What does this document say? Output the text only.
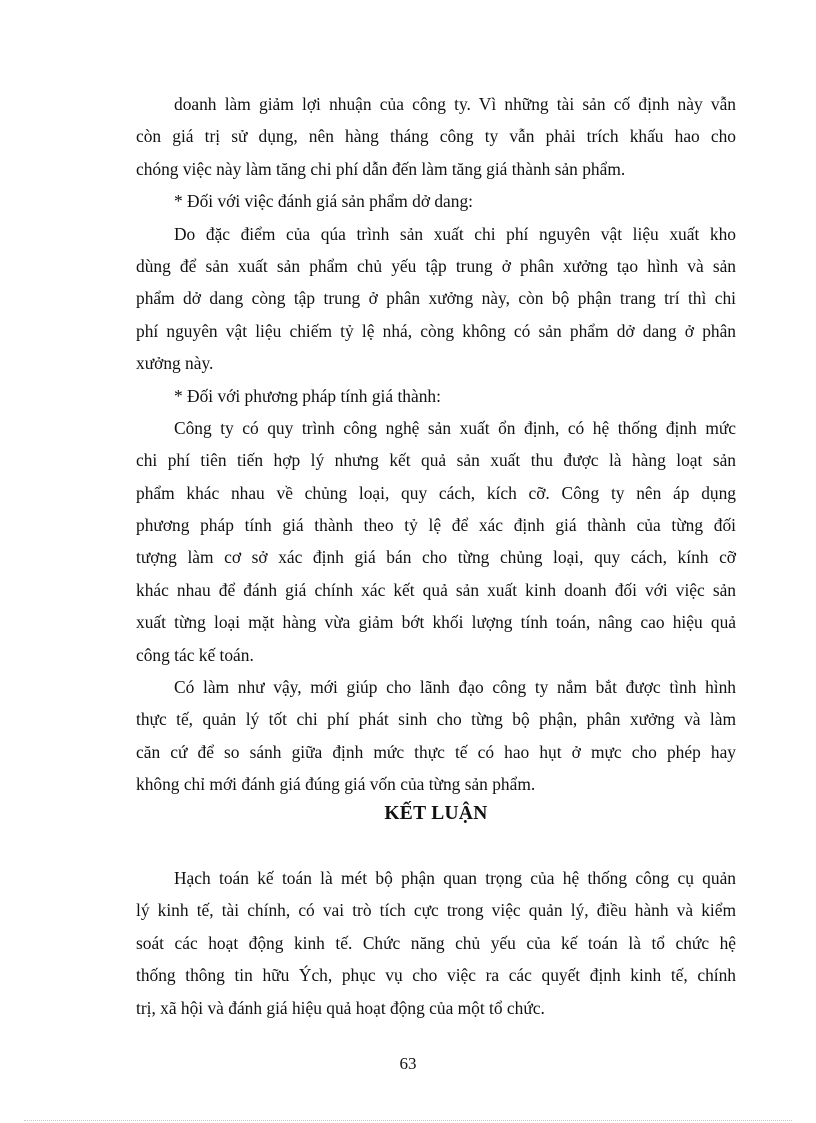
doanh làm giảm lợi nhuận của công ty. Vì những tài sản cố định này vẫn
còn giá trị sử dụng, nên hàng tháng công ty vẫn phải trích khấu hao cho
chóng việc này làm tăng chi phí dẫn đến làm tăng giá thành sản phẩm.
* Đối với việc đánh giá sản phẩm dở dang:
Do đặc điểm của qúa trình sản xuất chi phí nguyên vật liệu xuất kho
dùng để sản xuất sản phẩm chủ yếu tập trung ở phân xưởng tạo hình và sản
phẩm dở dang còng tập trung ở phân xưởng này, còn bộ phận trang trí thì chi
phí nguyên vật liệu chiếm tỷ lệ nhá, còng không có sản phẩm dở dang ở phân
xưởng này.
* Đối với phương pháp tính giá thành:
Công ty có quy trình công nghệ sản xuất ổn định, có hệ thống định mức
chi phí tiên tiến hợp lý nhưng kết quả sản xuất thu được là hàng loạt sản
phẩm khác nhau về chủng loại, quy cách, kích cỡ. Công ty nên áp dụng
phương pháp tính giá thành theo tỷ lệ để xác định giá thành của từng đối
tượng làm cơ sở xác định giá bán cho từng chủng loại, quy cách, kính cỡ
khác nhau để đánh giá chính xác kết quả sản xuất kinh doanh đối với việc sản
xuất từng loại mặt hàng vừa giảm bớt khối lượng tính toán, nâng cao hiệu quả
công tác kế toán.
Có làm như vậy, mới giúp cho lãnh đạo công ty nắm bắt được tình hình
thực tế, quản lý tốt chi phí phát sinh cho từng bộ phận, phân xưởng và làm
căn cứ để so sánh giữa định mức thực tế có hao hụt ở mực cho phép hay
không chỉ mới đánh giá đúng giá vốn của từng sản phẩm.
KẾT LUẬN
Hạch toán kế toán là mét bộ phận quan trọng của hệ thống công cụ quản
lý kinh tế, tài chính, có vai trò tích cực trong việc quản lý, điều hành và kiểm
soát các hoạt động kinh tế. Chức năng chủ yếu của kế toán là tổ chức hệ
thống thông tin hữu Ých, phục vụ cho việc ra các quyết định kinh tế, chính
trị, xã hội và đánh giá hiệu quả hoạt động của một tổ chức.
63
